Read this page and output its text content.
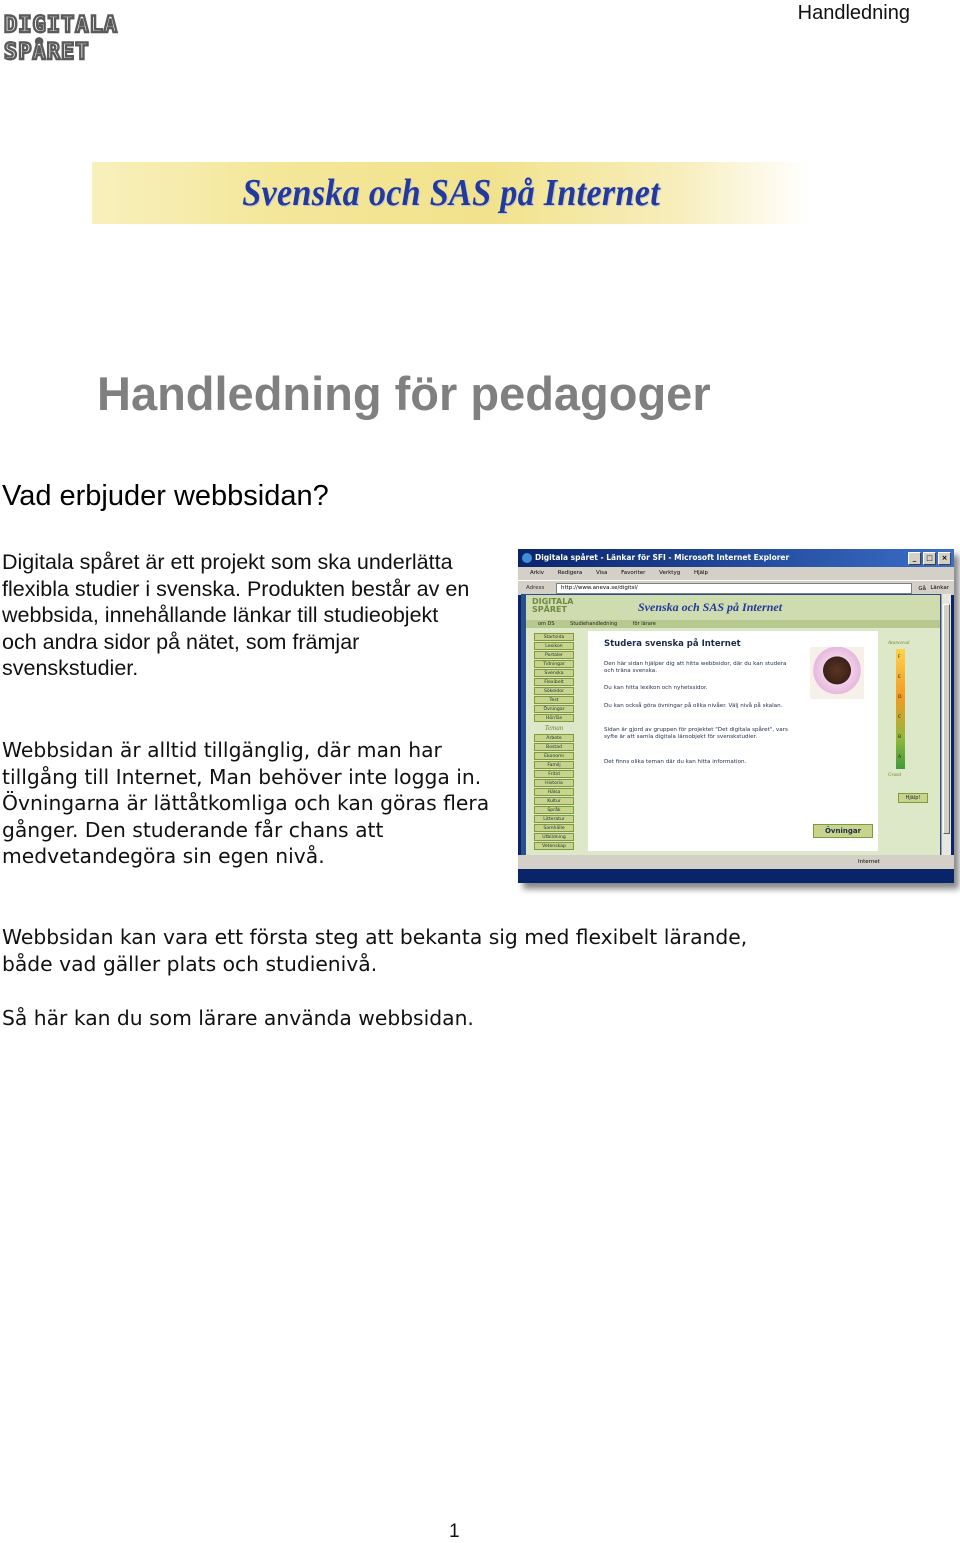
DIGITALA
SPÅRET
Handledning
Svenska och SAS på Internet
Handledning för pedagoger
Vad erbjuder webbsidan?

Digitala spåret är ett projekt som ska underlätta flexibla studier i svenska. Produkten består av en webbsida, innehållande länkar till studieobjekt och andra sidor på nätet, som främjar svenskstudier.

Webbsidan är alltid tillgänglig, där man har tillgång till Internet, Man behöver inte logga in. Övningarna är lättåtkomliga och kan göras flera gånger. Den studerande får chans att medvetandegöra sin egen nivå.

Webbsidan kan vara ett första steg att bekanta sig med flexibelt lärande, både vad gäller plats och studienivå.

Så här kan du som lärare använda webbsidan.

Digitala spåret - Länkar för SFI - Microsoft Internet Explorer	_	□	×
Arkiv	Redigera	Visa	Favoriter	Verktyg	Hjälp
Adress	http://www.aneva.se/digitsl/	Gå Länkar
DIGITALA
SPÅRET	Svenska och SAS på Internet
om DS	Studiehandledning	för lärare
Startsida
Lexikon
Portaler
Tidningar
Svenska
Flexibelt
Sökeidor
Test
Övningar
Hör/läs
Teman
Arbete
Bostad
Ekonomi
Familj
Fritid
Historia
Hälsa
Kultur
Språk
Litteratur
Samhälle
Utbildning
Vetenskap
Studera svenska på Internet
Den här sidan hjälper dig att hitta webbsidor, där du kan studera och träna svenska.
Du kan hitta lexikon och nyhetssidor.
Du kan också göra övningar på olika nivåer. Välj nivå på skalan.
Sidan är gjord av gruppen för projektet "Det digitala spåret", vars syfte är att samla digitala läroobjekt för svenskstudier.
Det finns olika teman där du kan hitta information.
Övningar
Avancerad
F
E
D
C
B
A
Grund
Hjälp!
Internet
1
